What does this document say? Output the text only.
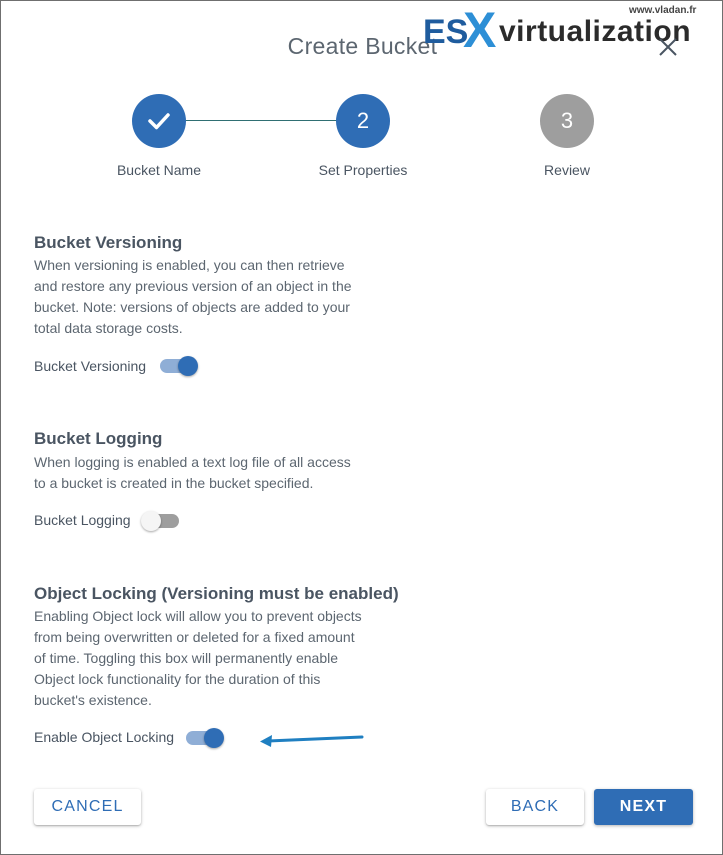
Create Bucket
ES
X virtualization
www.vladan.fr
Bucket Name
2
Set Properties
3
Review
Bucket Versioning
When versioning is enabled, you can then retrieve and restore any previous version of an object in the bucket. Note: versions of objects are added to your total data storage costs.
Bucket Versioning
Bucket Logging
When logging is enabled a text log file of all access to a bucket is created in the bucket specified.
Bucket Logging
Object Locking (Versioning must be enabled)
Enabling Object lock will allow you to prevent objects from being overwritten or deleted for a fixed amount of time. Toggling this box will permanently enable Object lock functionality for the duration of this bucket's existence.
Enable Object Locking
CANCEL	BACK	NEXT
